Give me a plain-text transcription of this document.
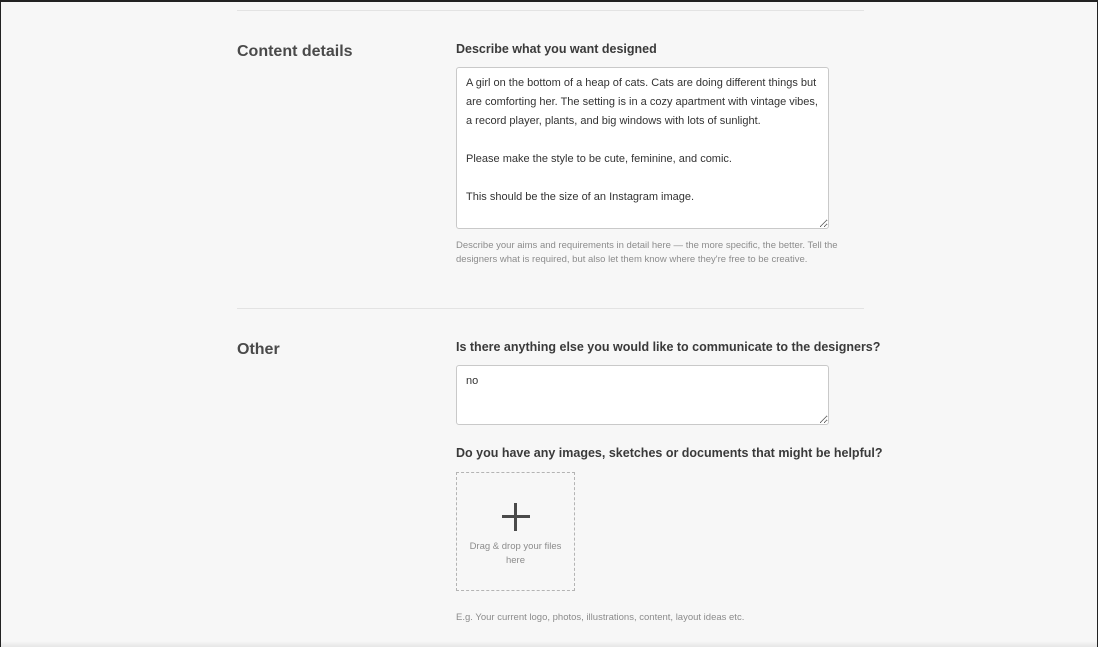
Content details	Describe what you want designed
A girl on the bottom of a heap of cats. Cats are doing different things but are comforting her. The setting is in a cozy apartment with vintage vibes, a record player, plants, and big windows with lots of sunlight. Please make the style to be cute, feminine, and comic. This should be the size of an Instagram image.

Describe your aims and requirements in detail here — the more specific, the better. Tell the designers what is required, but also let them know where they're free to be creative.

Other	Is there anything else you would like to communicate to the designers?
no
Do you have any images, sketches or documents that might be helpful?
Drag & drop your files here

E.g. Your current logo, photos, illustrations, content, layout ideas etc.
